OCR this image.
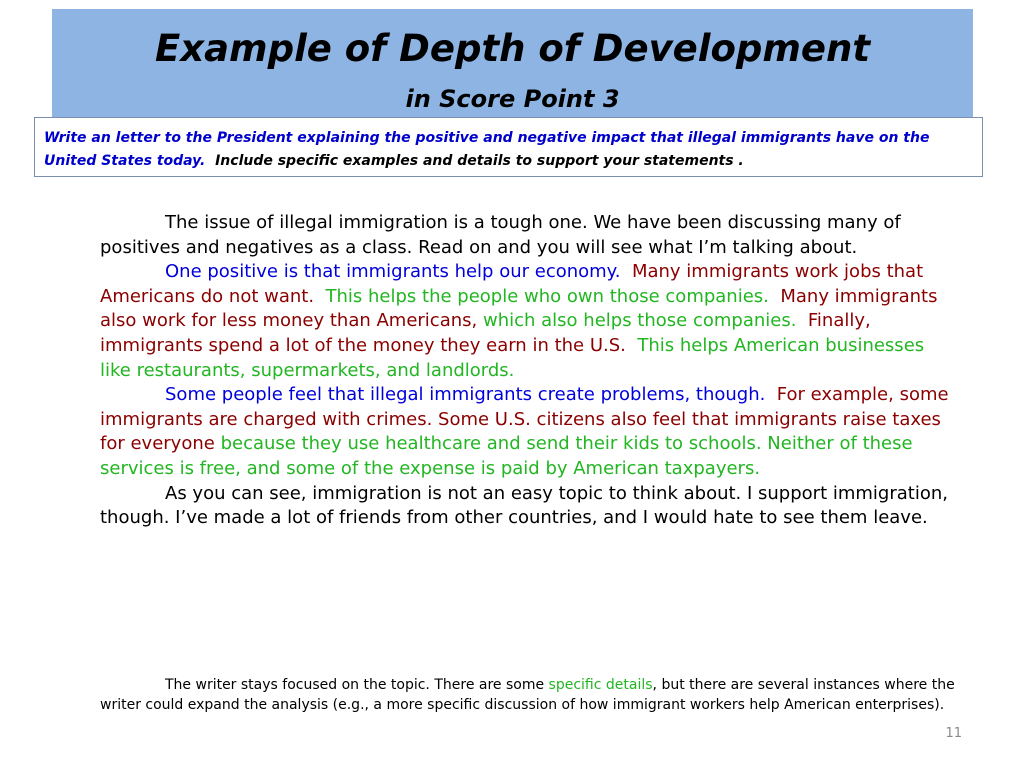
Example of Depth of Development
in Score Point 3
Write an letter to the President explaining the positive and negative impact that illegal immigrants have on the United States today. Include specific examples and details to support your statements .

The issue of illegal immigration is a tough one. We have been discussing many of positives and negatives as a class. Read on and you will see what I’m talking about.

One positive is that immigrants help our economy. Many immigrants work jobs that Americans do not want. This helps the people who own those companies. Many immigrants also work for less money than Americans, which also helps those companies. Finally, immigrants spend a lot of the money they earn in the U.S. This helps American businesses like restaurants, supermarkets, and landlords.

Some people feel that illegal immigrants create problems, though. For example, some immigrants are charged with crimes. Some U.S. citizens also feel that immigrants raise taxes for everyone because they use healthcare and send their kids to schools. Neither of these services is free, and some of the expense is paid by American taxpayers.

As you can see, immigration is not an easy topic to think about. I support immigration, though. I’ve made a lot of friends from other countries, and I would hate to see them leave.

The writer stays focused on the topic. There are some specific details, but there are several instances where the writer could expand the analysis (e.g., a more specific discussion of how immigrant workers help American enterprises).

11
